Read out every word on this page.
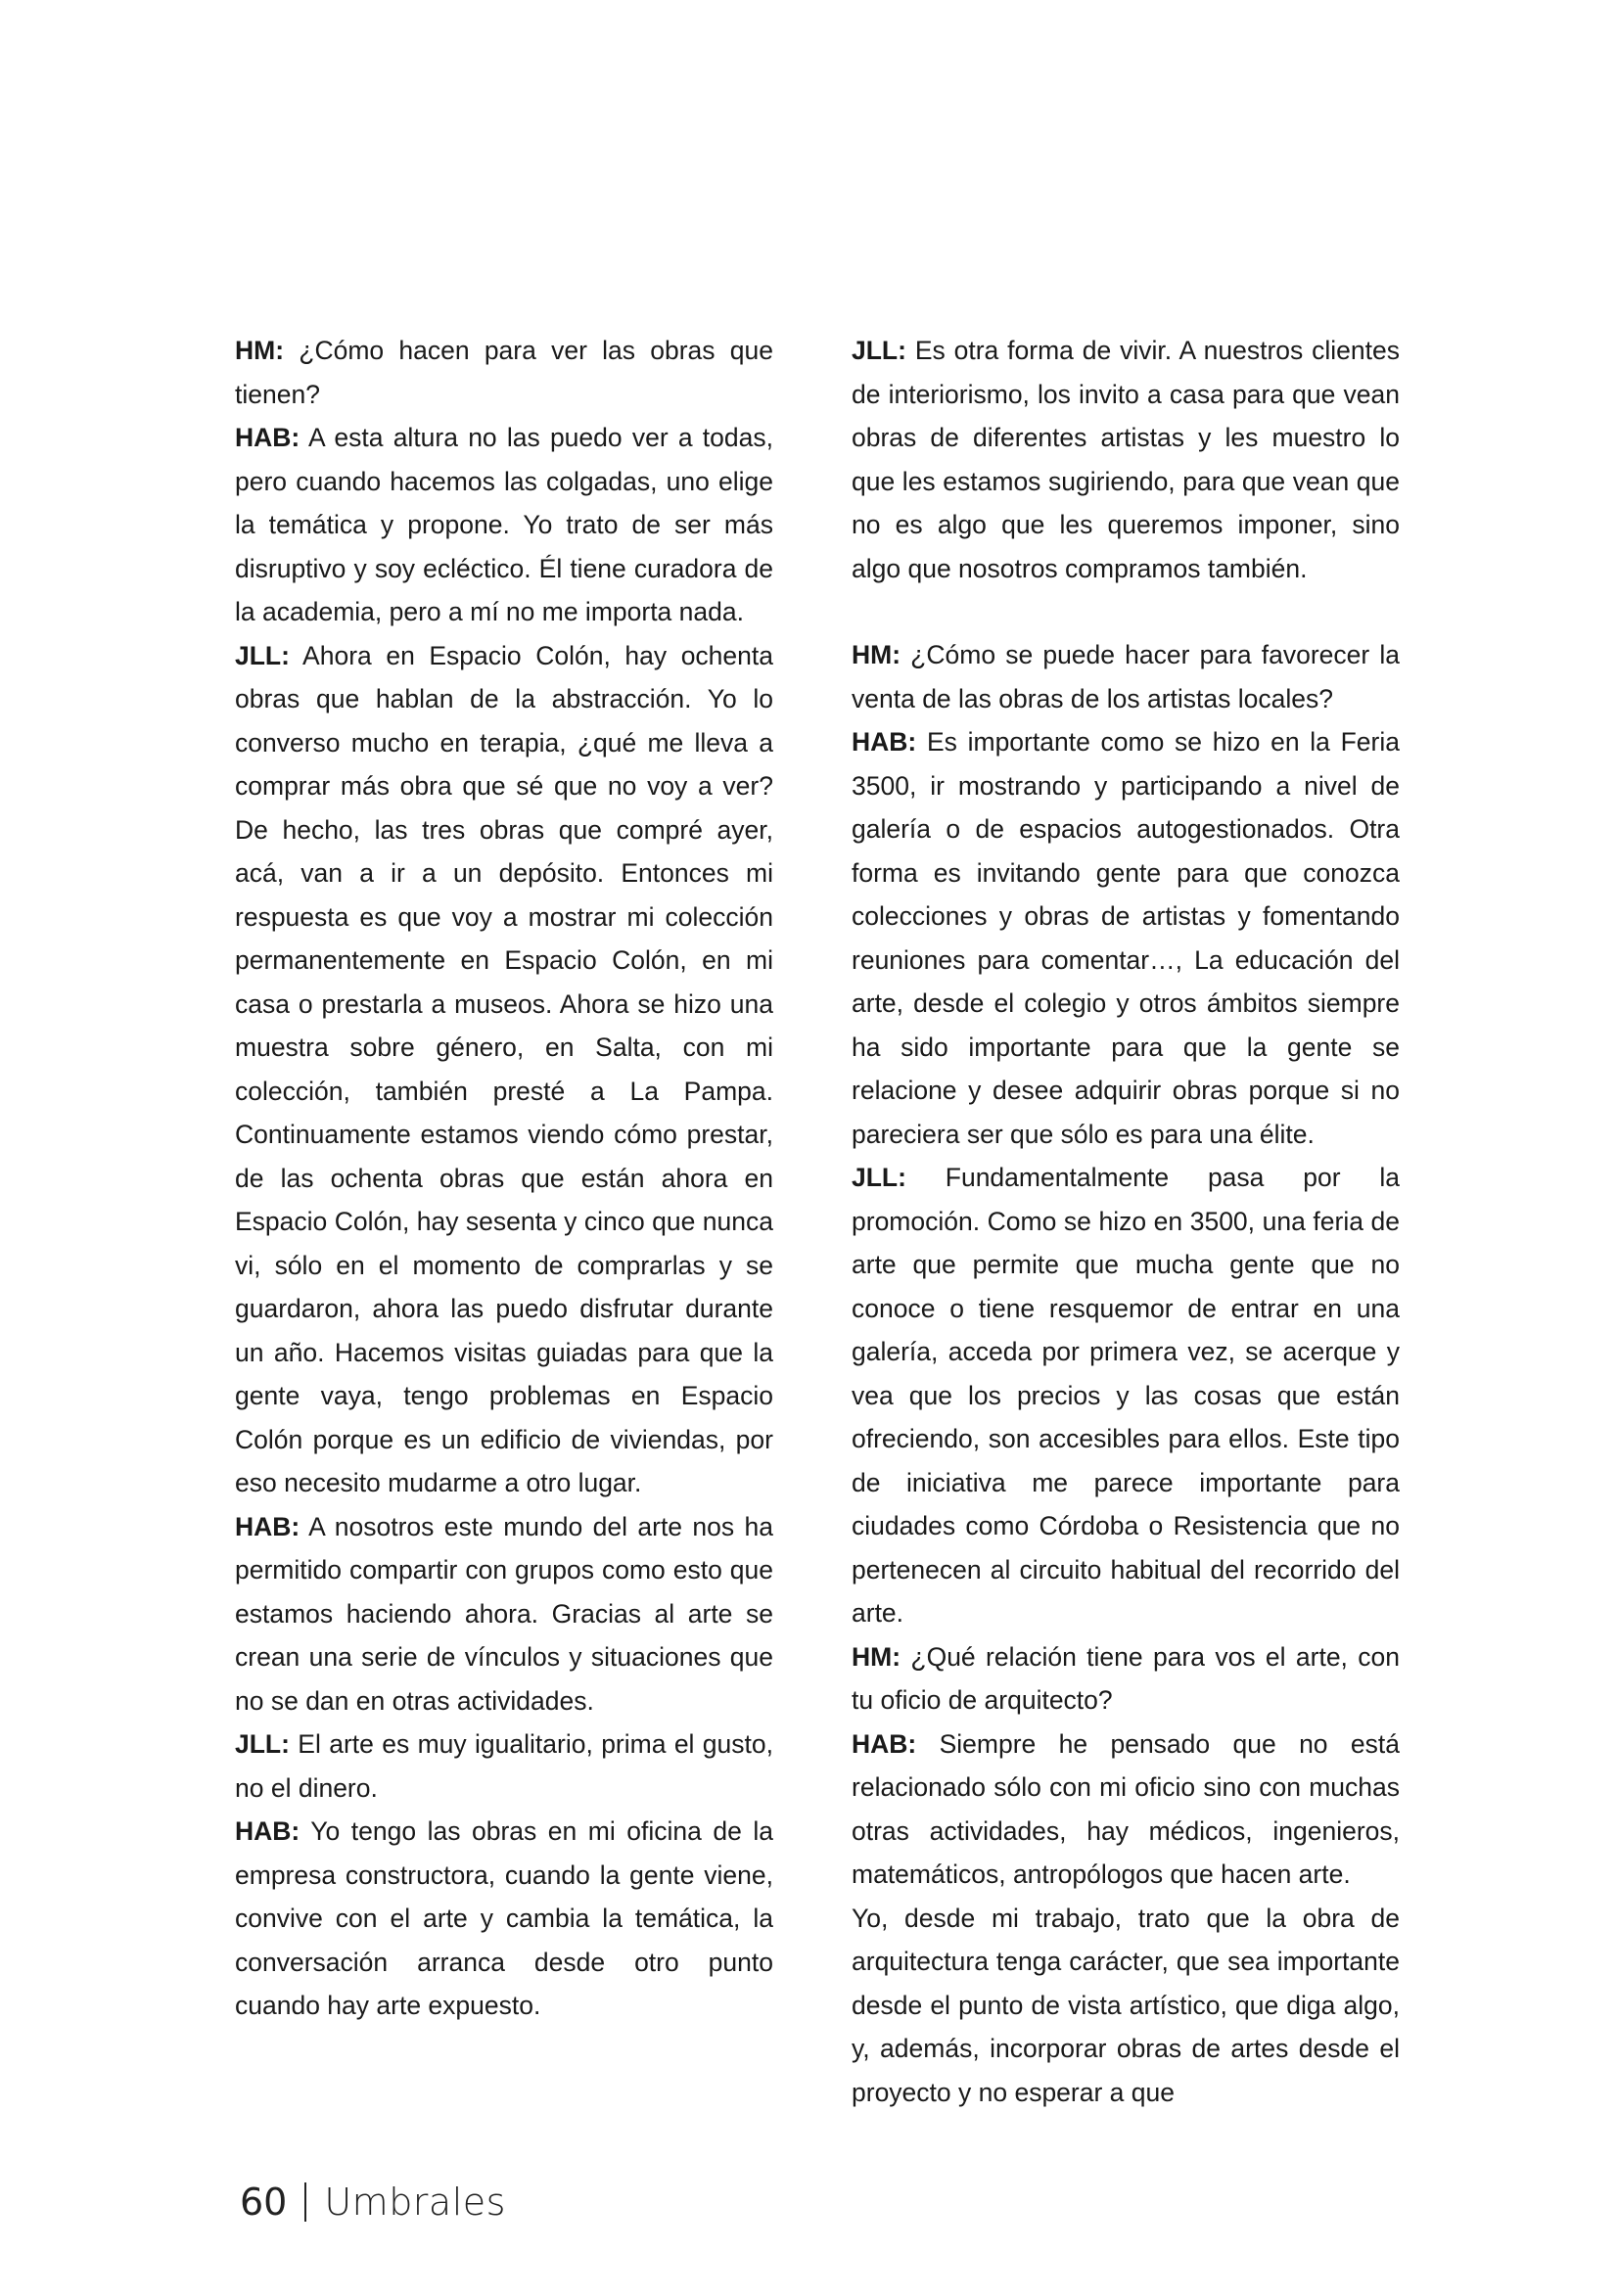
HM: ¿Cómo hacen para ver las obras que tienen?

HAB: A esta altura no las puedo ver a todas, pero cuando hacemos las colgadas, uno elige la temática y propone. Yo trato de ser más disruptivo y soy ecléctico. Él tiene curadora de la academia, pero a mí no me importa nada.

JLL: Ahora en Espacio Colón, hay ochenta obras que hablan de la abstracción. Yo lo converso mucho en terapia, ¿qué me lleva a comprar más obra que sé que no voy a ver? De hecho, las tres obras que compré ayer, acá, van a ir a un depósito. Entonces mi respuesta es que voy a mostrar mi colección permanentemente en Espacio Colón, en mi casa o prestarla a museos. Ahora se hizo una muestra sobre género, en Salta, con mi colección, también presté a La Pampa. Continuamente estamos viendo cómo prestar, de las ochenta obras que están ahora en Espacio Colón, hay sesenta y cinco que nunca vi, sólo en el momento de comprarlas y se guardaron, ahora las puedo disfrutar durante un año. Hacemos visitas guiadas para que la gente vaya, tengo problemas en Espacio Colón porque es un edificio de viviendas, por eso necesito mudarme a otro lugar.

HAB: A nosotros este mundo del arte nos ha permitido compartir con grupos como esto que estamos haciendo ahora. Gracias al arte se crean una serie de vínculos y situaciones que no se dan en otras actividades.

JLL: El arte es muy igualitario, prima el gusto, no el dinero.

HAB: Yo tengo las obras en mi oficina de la empresa constructora, cuando la gente viene, convive con el arte y cambia la temática, la conversación arranca desde otro punto cuando hay arte expuesto.

JLL: Es otra forma de vivir. A nuestros clientes de interiorismo, los invito a casa para que vean obras de diferentes artistas y les muestro lo que les estamos sugiriendo, para que vean que no es algo que les queremos imponer, sino algo que nosotros compramos también.

HM: ¿Cómo se puede hacer para favorecer la venta de las obras de los artistas locales?

HAB: Es importante como se hizo en la Feria 3500, ir mostrando y participando a nivel de galería o de espacios autogestionados. Otra forma es invitando gente para que conozca colecciones y obras de artistas y fomentando reuniones para comentar…, La educación del arte, desde el colegio y otros ámbitos siempre ha sido importante para que la gente se relacione y desee adquirir obras porque si no pareciera ser que sólo es para una élite.

JLL: Fundamentalmente pasa por la promoción. Como se hizo en 3500, una feria de arte que permite que mucha gente que no conoce o tiene resquemor de entrar en una galería, acceda por primera vez, se acerque y vea que los precios y las cosas que están ofreciendo, son accesibles para ellos. Este tipo de iniciativa me parece importante para ciudades como Córdoba o Resistencia que no pertenecen al circuito habitual del recorrido del arte.

HM: ¿Qué relación tiene para vos el arte, con tu oficio de arquitecto?

HAB: Siempre he pensado que no está relacionado sólo con mi oficio sino con muchas otras actividades, hay médicos, ingenieros, matemáticos, antropólogos que hacen arte.

Yo, desde mi trabajo, trato que la obra de arquitectura tenga carácter, que sea importante desde el punto de vista artístico, que diga algo, y, además, incorporar obras de artes desde el proyecto y no esperar a que

60 Umbrales
